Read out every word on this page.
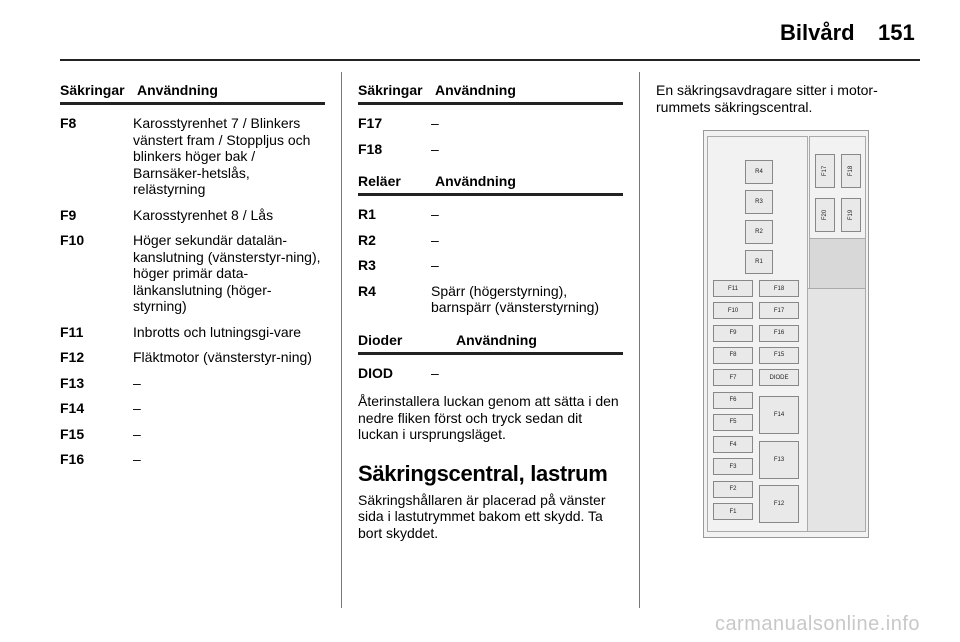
Bilvård 151
Säkringar Användning
F8	Karosstyrenhet 7 / Blinkers vänstert fram / Stoppljus och blinkers höger bak / Barnsäker-hetslås, relästyrning
F9	Karosstyrenhet 8 / Lås
F10	Höger sekundär datalän-kanslutning (vänsterstyr-ning), höger primär data-länkanslutning (höger-styrning)
F11	Inbrotts och lutningsgi-vare
F12	Fläktmotor (vänsterstyr-ning)
F13	–
F14	–
F15	–
F16	–
Säkringar Användning
F17	–
F18	–
Reläer	Användning
R1	–
R2	–
R3	–
R4	Spärr (högerstyrning), barnspärr (vänsterstyrning)
Dioder	Användning
DIOD	–
Återinstallera luckan genom att sätta i den nedre fliken först och tryck sedan dit luckan i ursprungsläget.
Säkringscentral, lastrum
Säkringshållaren är placerad på vänster sida i lastutrymmet bakom ett skydd. Ta bort skyddet.
En säkringsavdragare sitter i motor-rummets säkringscentral.
R4
R3
R2
R1
F17	F18
F20	F19
F11
F10
F9
F8
F7
F6
F5
F4
F3
F2
F1
F18
F17
F16
F15
DIODE
F14
F13
F12
carmanualsonline.info
